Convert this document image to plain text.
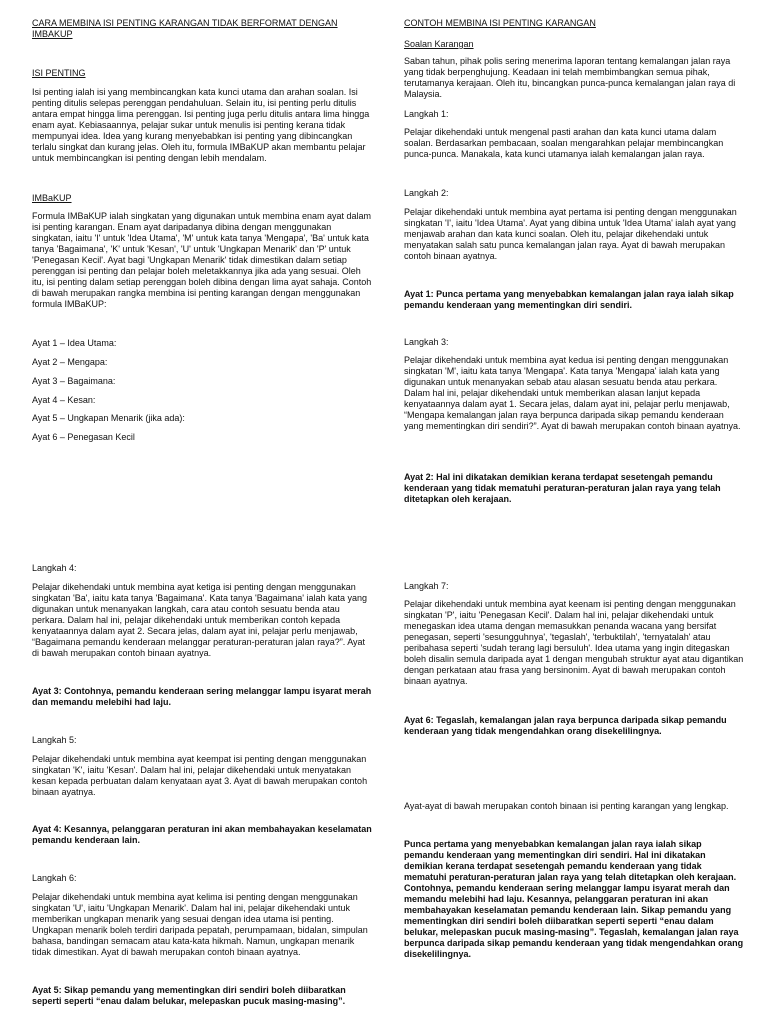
CARA MEMBINA ISI PENTING KARANGAN TIDAK BERFORMAT DENGAN IMBAKUP

ISI PENTING

Isi penting ialah isi yang membincangkan kata kunci utama dan arahan soalan. Isi penting ditulis selepas perenggan pendahuluan. Selain itu, isi penting perlu ditulis antara empat hingga lima perenggan. Isi penting juga perlu ditulis antara lima hingga enam ayat. Kebiasaannya, pelajar sukar untuk menulis isi penting kerana tidak mempunyai idea. Idea yang kurang menyebabkan isi penting yang dibincangkan terlalu singkat dan kurang jelas. Oleh itu, formula IMBaKUP akan membantu pelajar untuk membincangkan isi penting dengan lebih mendalam.

IMBaKUP

Formula IMBaKUP ialah singkatan yang digunakan untuk membina enam ayat dalam isi penting karangan. Enam ayat daripadanya dibina dengan menggunakan singkatan, iaitu 'I' untuk 'Idea Utama', 'M' untuk kata tanya 'Mengapa', 'Ba' untuk kata tanya 'Bagaimana', 'K' untuk 'Kesan', 'U' untuk 'Ungkapan Menarik' dan 'P' untuk 'Penegasan Kecil'. Ayat bagi 'Ungkapan Menarik' tidak dimestikan dalam setiap perenggan isi penting dan pelajar boleh meletakkannya jika ada yang sesuai. Oleh itu, isi penting dalam setiap perenggan boleh dibina dengan lima ayat sahaja. Contoh di bawah merupakan rangka membina isi penting karangan dengan menggunakan formula IMBaKUP:

Ayat 1 – Idea Utama:

Ayat 2 – Mengapa:

Ayat 3 – Bagaimana:

Ayat 4 – Kesan:

Ayat 5 – Ungkapan Menarik (jika ada):

Ayat 6 – Penegasan Kecil

Langkah 4:

Pelajar dikehendaki untuk membina ayat ketiga isi penting dengan menggunakan singkatan 'Ba', iaitu kata tanya 'Bagaimana'. Kata tanya 'Bagaimana' ialah kata yang digunakan untuk menanyakan langkah, cara atau contoh sesuatu benda atau perkara. Dalam hal ini, pelajar dikehendaki untuk memberikan contoh kepada kenyataannya dalam ayat 2. Secara jelas, dalam ayat ini, pelajar perlu menjawab, “Bagaimana pemandu kenderaan melanggar peraturan-peraturan jalan raya?”. Ayat di bawah merupakan contoh binaan ayatnya.

Ayat 3: Contohnya, pemandu kenderaan sering melanggar lampu isyarat merah dan memandu melebihi had laju.

Langkah 5:

Pelajar dikehendaki untuk membina ayat keempat isi penting dengan menggunakan singkatan 'K', iaitu 'Kesan'. Dalam hal ini, pelajar dikehendaki untuk menyatakan kesan kepada perbuatan dalam kenyataan ayat 3. Ayat di bawah merupakan contoh binaan ayatnya.

Ayat 4: Kesannya, pelanggaran peraturan ini akan membahayakan keselamatan pemandu kenderaan lain.

Langkah 6:

Pelajar dikehendaki untuk membina ayat kelima isi penting dengan menggunakan singkatan 'U', iaitu 'Ungkapan Menarik'. Dalam hal ini, pelajar dikehendaki untuk memberikan ungkapan menarik yang sesuai dengan idea utama isi penting. Ungkapan menarik boleh terdiri daripada pepatah, perumpamaan, bidalan, simpulan bahasa, bandingan semacam atau kata-kata hikmah. Namun, ungkapan menarik tidak dimestikan. Ayat di bawah merupakan contoh binaan ayatnya.

Ayat 5: Sikap pemandu yang mementingkan diri sendiri boleh diibaratkan seperti seperti “enau dalam belukar, melepaskan pucuk masing-masing”.

CONTOH MEMBINA ISI PENTING KARANGAN

Soalan Karangan

Saban tahun, pihak polis sering menerima laporan tentang kemalangan jalan raya yang tidak berpenghujung. Keadaan ini telah membimbangkan semua pihak, terutamanya kerajaan. Oleh itu, bincangkan punca-punca kemalangan jalan raya di Malaysia.

Langkah 1:

Pelajar dikehendaki untuk mengenal pasti arahan dan kata kunci utama dalam soalan. Berdasarkan pembacaan, soalan mengarahkan pelajar membincangkan punca-punca. Manakala, kata kunci utamanya ialah kemalangan jalan raya.

Langkah 2:

Pelajar dikehendaki untuk membina ayat pertama isi penting dengan menggunakan singkatan 'I', iaitu 'Idea Utama'. Ayat yang dibina untuk 'Idea Utama' ialah ayat yang menjawab arahan dan kata kunci soalan. Oleh itu, pelajar dikehendaki untuk menyatakan salah satu punca kemalangan jalan raya. Ayat di bawah merupakan contoh binaan ayatnya.

Ayat 1: Punca pertama yang menyebabkan kemalangan jalan raya ialah sikap pemandu kenderaan yang mementingkan diri sendiri.

Langkah 3:

Pelajar dikehendaki untuk membina ayat kedua isi penting dengan menggunakan singkatan 'M', iaitu kata tanya 'Mengapa'. Kata tanya 'Mengapa' ialah kata yang digunakan untuk menanyakan sebab atau alasan sesuatu benda atau perkara. Dalam hal ini, pelajar dikehendaki untuk memberikan alasan lanjut kepada kenyataannya dalam ayat 1. Secara jelas, dalam ayat ini, pelajar perlu menjawab, “Mengapa kemalangan jalan raya berpunca daripada sikap pemandu kenderaan yang mementingkan diri sendiri?”. Ayat di bawah merupakan contoh binaan ayatnya.

Ayat 2: Hal ini dikatakan demikian kerana terdapat sesetengah pemandu kenderaan yang tidak mematuhi peraturan-peraturan jalan raya yang telah ditetapkan oleh kerajaan.

Langkah 7:

Pelajar dikehendaki untuk membina ayat keenam isi penting dengan menggunakan singkatan 'P', iaitu 'Penegasan Kecil'. Dalam hal ini, pelajar dikehendaki untuk menegaskan idea utama dengan memasukkan penanda wacana yang bersifat penegasan, seperti 'sesungguhnya', 'tegaslah', 'terbuktilah', 'ternyatalah' atau peribahasa seperti 'sudah terang lagi bersuluh'. Idea utama yang ingin ditegaskan boleh disalin semula daripada ayat 1 dengan mengubah struktur ayat atau digantikan dengan perkataan atau frasa yang bersinonim. Ayat di bawah merupakan contoh binaan ayatnya.

Ayat 6: Tegaslah, kemalangan jalan raya berpunca daripada sikap pemandu kenderaan yang tidak mengendahkan orang disekelilingnya.

Ayat-ayat di bawah merupakan contoh binaan isi penting karangan yang lengkap.

Punca pertama yang menyebabkan kemalangan jalan raya ialah sikap pemandu kenderaan yang mementingkan diri sendiri. Hal ini dikatakan demikian kerana terdapat sesetengah pemandu kenderaan yang tidak mematuhi peraturan-peraturan jalan raya yang telah ditetapkan oleh kerajaan. Contohnya, pemandu kenderaan sering melanggar lampu isyarat merah dan memandu melebihi had laju. Kesannya, pelanggaran peraturan ini akan membahayakan keselamatan pemandu kenderaan lain. Sikap pemandu yang mementingkan diri sendiri boleh diibaratkan seperti seperti “enau dalam belukar, melepaskan pucuk masing-masing”. Tegaslah, kemalangan jalan raya berpunca daripada sikap pemandu kenderaan yang tidak mengendahkan orang disekelilingnya.
